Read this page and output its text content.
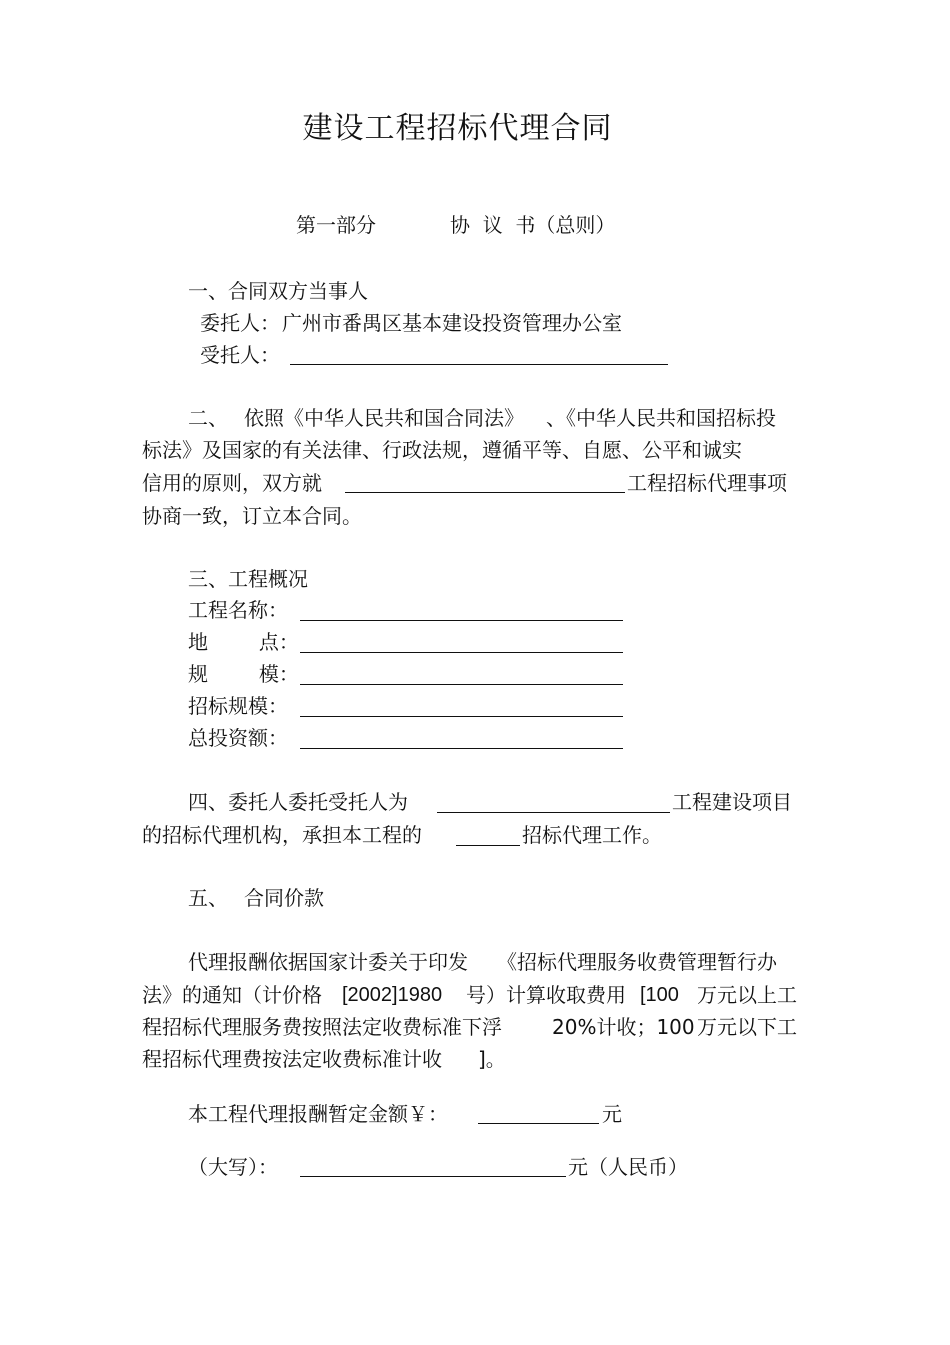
建设工程招标代理合同
第一部分	协  议  书（总则）
一、合同双方当事人
委托人： 广州市番禺区基本建设投资管理办公室
受托人：
二、 依照《中华人民共和国合同法》 、《中华人民共和国招标投
标法》及国家的有关法律、行政法规，遵循平等、自愿、公平和诚实
信用的原则，双方就	工程招标代理事项
协商一致，订立本合同。
三、工程概况
工程名称：
地        点：
规        模：
招标规模：
总投资额：
四、委托人委托受托人为	工程建设项目
的招标代理机构，承担本工程的	招标代理工作。
五、 合同价款
代理报酬依据国家计委关于印发 《招标代理服务收费管理暂行办
法》的通知（计价格 [2002]1980 号）计算收取费用 [100 万元以上工
程招标代理服务费按照法定收费标准下浮	20%计收；100 万元以下工
程招标代理费按法定收费标准计收 ]。
本工程代理报酬暂定金额￥：	元
（大写）：	元（人民币）
